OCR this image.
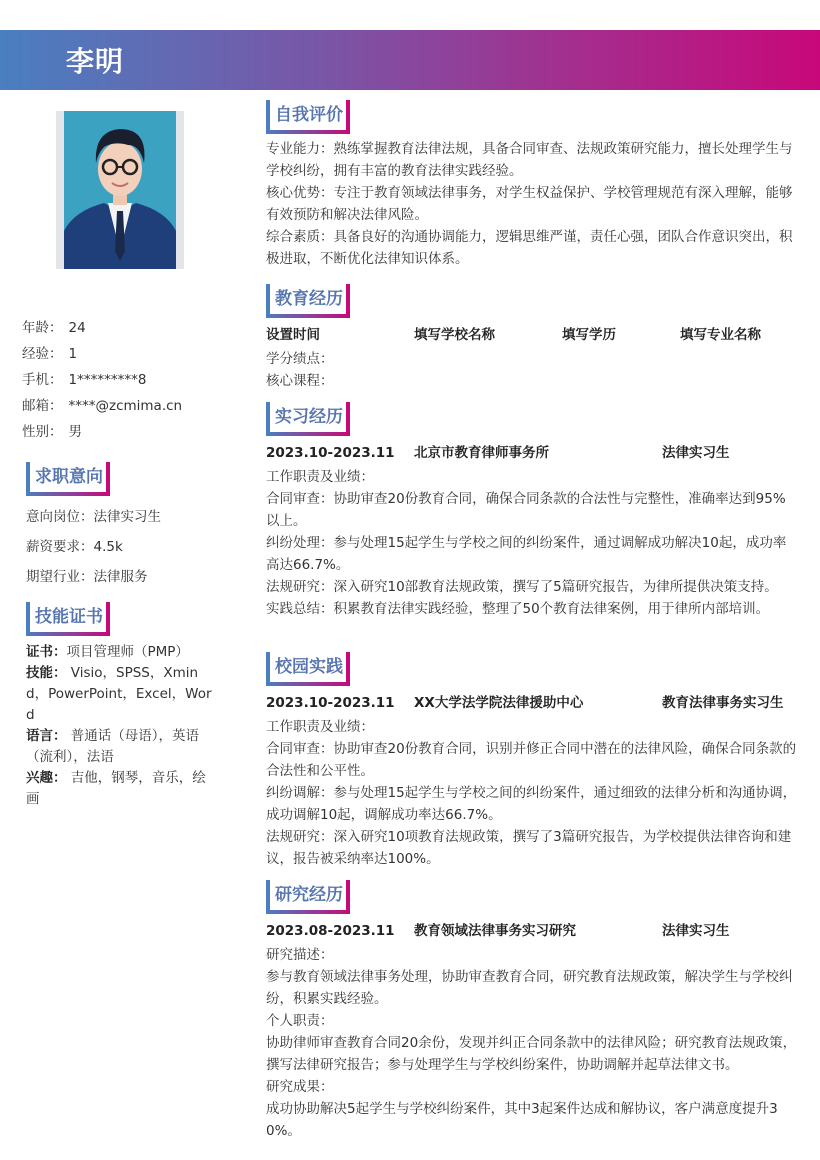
李明
年龄： 24
经验： 1
手机： 1*********8
邮箱： ****@zcmima.cn
性别： 男
求职意向
意向岗位：法律实习生
薪资要求：4.5k
期望行业：法律服务
技能证书
证书：项目管理师（PMP）
技能： Visio，SPSS，Xmind，PowerPoint，Excel，Word
语言： 普通话（母语），英语（流利），法语
兴趣： 吉他，钢琴，音乐，绘画
自我评价
专业能力：熟练掌握教育法律法规，具备合同审查、法规政策研究能力，擅长处理学生与学校纠纷，拥有丰富的教育法律实践经验。
核心优势：专注于教育领域法律事务，对学生权益保护、学校管理规范有深入理解，能够有效预防和解决法律风险。
综合素质：具备良好的沟通协调能力，逻辑思维严谨，责任心强，团队合作意识突出，积极进取，不断优化法律知识体系。
教育经历
设置时间	填写学校名称	填写学历	填写专业名称
学分绩点：
核心课程：
实习经历
2023.10-2023.11	北京市教育律师事务所	法律实习生
工作职责及业绩：
合同审查：协助审查20份教育合同，确保合同条款的合法性与完整性，准确率达到95%以上。
纠纷处理：参与处理15起学生与学校之间的纠纷案件，通过调解成功解决10起，成功率高达66.7%。
法规研究：深入研究10部教育法规政策，撰写了5篇研究报告，为律所提供决策支持。
实践总结：积累教育法律实践经验，整理了50个教育法律案例，用于律所内部培训。
校园实践
2023.10-2023.11	XX大学法学院法律援助中心	教育法律事务实习生
工作职责及业绩：
合同审查：协助审查20份教育合同，识别并修正合同中潜在的法律风险，确保合同条款的合法性和公平性。
纠纷调解：参与处理15起学生与学校之间的纠纷案件，通过细致的法律分析和沟通协调，成功调解10起，调解成功率达66.7%。
法规研究：深入研究10项教育法规政策，撰写了3篇研究报告，为学校提供法律咨询和建议，报告被采纳率达100%。
研究经历
2023.08-2023.11	教育领域法律事务实习研究	法律实习生
研究描述：
参与教育领域法律事务处理，协助审查教育合同，研究教育法规政策，解决学生与学校纠纷，积累实践经验。
个人职责：
协助律师审查教育合同20余份，发现并纠正合同条款中的法律风险；研究教育法规政策，撰写法律研究报告；参与处理学生与学校纠纷案件，协助调解并起草法律文书。
研究成果：
成功协助解决5起学生与学校纠纷案件，其中3起案件达成和解协议，客户满意度提升30%。
